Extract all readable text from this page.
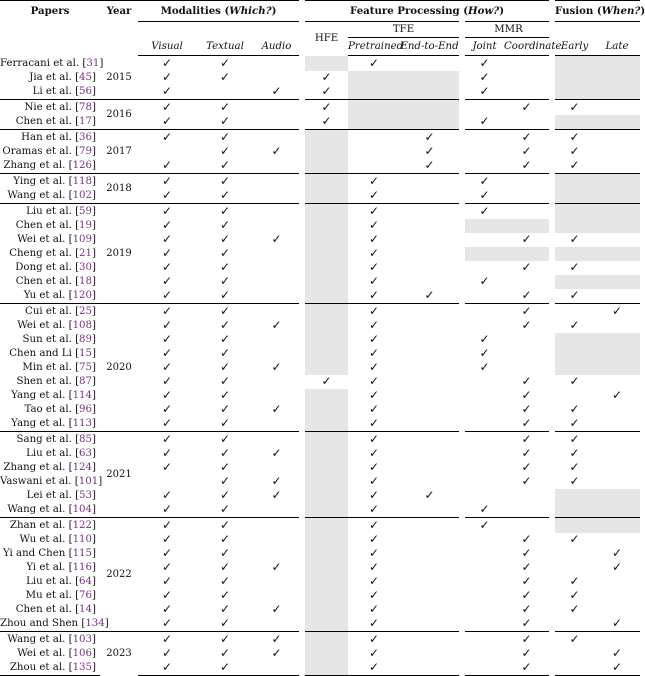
Papers	Year	Modalities (Which?)			Feature Processing (How?)					Fusion (When?)	
					HFE	TFE		MMR			
		Visual	Textual	Audio		Pretrained	End-to-End	Joint	Coordinate	Early	Late
Ferracani et al. [31]	2015	✓	✓			✓		✓			
Jia et al. [45]		✓	✓		✓			✓			
Li et al. [56]		✓		✓	✓			✓			
Nie et al. [78]	2016	✓	✓		✓				✓	✓	
Chen et al. [17]		✓	✓		✓			✓			
Han et al. [36]	2017	✓	✓				✓		✓	✓	
Oramas et al. [79]			✓	✓			✓		✓	✓	
Zhang et al. [126]		✓	✓				✓		✓	✓	
Ying et al. [118]	2018	✓	✓			✓		✓			
Wang et al. [102]		✓	✓			✓		✓			
Liu et al. [59]	2019	✓	✓			✓		✓			
Chen et al. [19]		✓	✓			✓					
Wei et al. [109]		✓	✓	✓		✓			✓	✓	
Cheng et al. [21]		✓	✓			✓					
Dong et al. [30]		✓	✓			✓			✓	✓	
Chen et al. [18]		✓	✓			✓		✓			
Yu et al. [120]		✓	✓			✓	✓		✓	✓	
Cui et al. [25]	2020	✓	✓			✓			✓		✓
Wei et al. [108]		✓	✓	✓		✓			✓	✓	
Sun et al. [89]		✓	✓			✓		✓			
Chen and Li [15]		✓	✓			✓		✓			
Min et al. [75]		✓	✓	✓		✓		✓			
Shen et al. [87]		✓	✓		✓	✓			✓	✓	
Yang et al. [114]		✓	✓			✓			✓		✓
Tao et al. [96]		✓	✓	✓		✓			✓	✓	
Yang et al. [113]		✓	✓			✓			✓	✓	
Sang et al. [85]	2021	✓	✓			✓			✓	✓	
Liu et al. [63]		✓	✓	✓		✓			✓	✓	
Zhang et al. [124]		✓	✓			✓			✓	✓	
Vaswani et al. [101]			✓	✓		✓			✓	✓	
Lei et al. [53]		✓	✓	✓		✓	✓				
Wang et al. [104]		✓	✓			✓		✓			
Zhan et al. [122]	2022	✓	✓			✓		✓			
Wu et al. [110]		✓	✓			✓			✓	✓	
Yi and Chen [115]		✓	✓			✓			✓		✓
Yi et al. [116]		✓	✓	✓		✓			✓		✓
Liu et al. [64]		✓	✓			✓			✓	✓	
Mu et al. [76]		✓	✓			✓			✓	✓	
Chen et al. [14]		✓	✓	✓		✓			✓	✓	
Zhou and Shen [134]		✓	✓			✓			✓		✓
Wang et al. [103]	2023	✓	✓	✓		✓			✓	✓	
Wei et al. [106]		✓	✓	✓		✓			✓		✓
Zhou et al. [135]		✓	✓			✓			✓		✓
